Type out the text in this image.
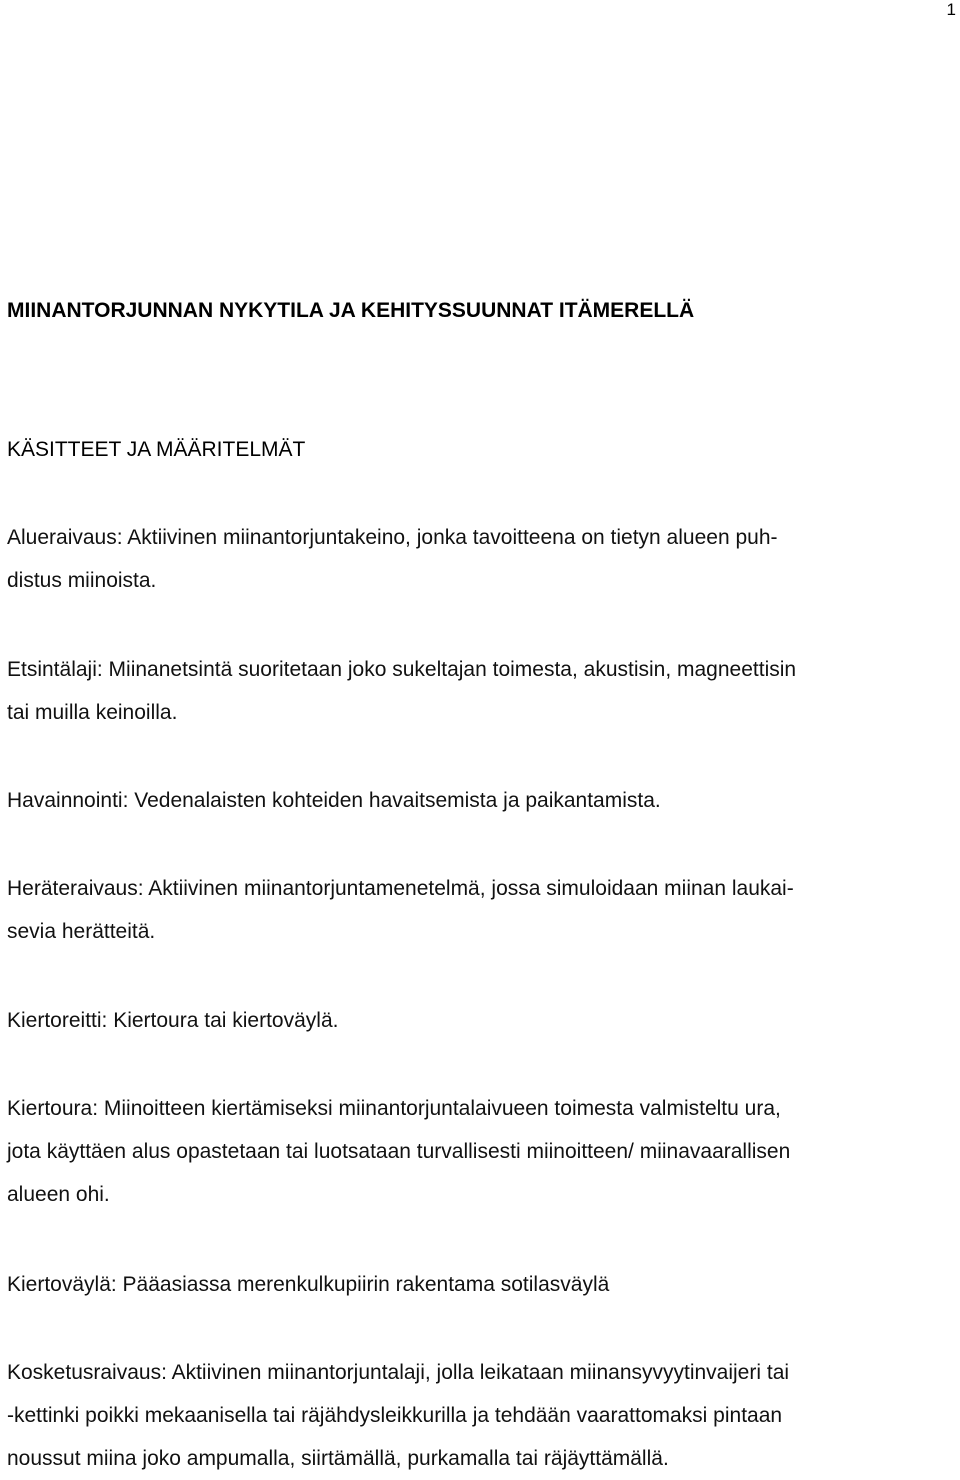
1
MIINANTORJUNNAN NYKYTILA JA KEHITYSSUUNNAT ITÄMERELLÄ
KÄSITTEET JA MÄÄRITELMÄT

Alueraivaus: Aktiivinen miinantorjuntakeino, jonka tavoitteena on tietyn alueen puh-
distus miinoista.

Etsintälaji: Miinanetsintä suoritetaan joko sukeltajan toimesta, akustisin, magneettisin
tai muilla keinoilla.

Havainnointi: Vedenalaisten kohteiden havaitsemista ja paikantamista.

Heräteraivaus: Aktiivinen miinantorjuntamenetelmä, jossa simuloidaan miinan laukai-
sevia herätteitä.

Kiertoreitti: Kiertoura tai kiertoväylä.

Kiertoura: Miinoitteen kiertämiseksi miinantorjuntalaivueen toimesta valmisteltu ura,
jota käyttäen alus opastetaan tai luotsataan turvallisesti miinoitteen/ miinavaarallisen
alueen ohi.

Kiertoväylä: Pääasiassa merenkulkupiirin rakentama sotilasväylä

Kosketusraivaus: Aktiivinen miinantorjuntalaji, jolla leikataan miinansyvyytinvaijeri tai
-kettinki poikki mekaanisella tai räjähdysleikkurilla ja tehdään vaarattomaksi pintaan
noussut miina joko ampumalla, siirtämällä, purkamalla tai räjäyttämällä.
